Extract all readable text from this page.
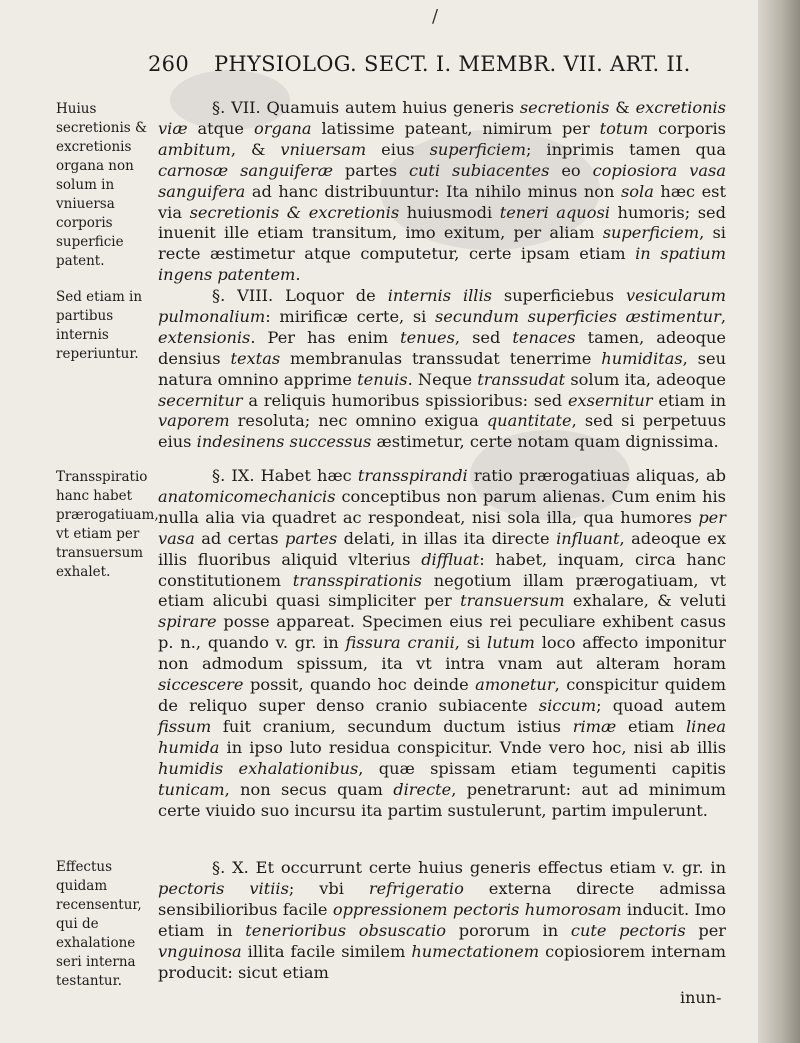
/
260 PHYSIOLOG. SECT. I. MEMBR. VII. ART. II.
Huius secretionis & excretionis organa non solum in vniuersa corporis superficie patent.
Sed etiam in partibus internis reperiuntur.
Transspiratio hanc habet prærogatiuam, vt etiam per transuersum exhalet.
Effectus quidam recensentur, qui de exhalatione seri interna testantur.

§. VII. Quamuis autem huius generis secretionis & excretionis viæ atque organa latissime pateant, nimirum per totum corporis ambitum, & vniuersam eius superficiem; inprimis tamen qua carnosæ sanguiferæ partes cuti subiacentes eo copiosiora vasa sanguifera ad hanc distribuuntur: Ita nihilo minus non sola hæc est via secretionis & excretionis huiusmodi teneri aquosi humoris; sed inuenit ille etiam transitum, imo exitum, per aliam superficiem, si recte æstimetur atque computetur, certe ipsam etiam in spatium ingens patentem.

§. VIII. Loquor de internis illis superficiebus vesicularum pulmonalium: mirificæ certe, si secundum superficies æstimentur, extensionis. Per has enim tenues, sed tenaces tamen, adeoque densius textas membranulas transsudat tenerrime humiditas, seu natura omnino apprime tenuis. Neque transsudat solum ita, adeoque secernitur a reliquis humoribus spissioribus: sed exsernitur etiam in vaporem resoluta; nec omnino exigua quantitate, sed si perpetuus eius indesinens successus æstimetur, certe notam quam dignissima.

§. IX. Habet hæc transspirandi ratio prærogatiuas aliquas, ab anatomicomechanicis conceptibus non parum alienas. Cum enim his nulla alia via quadret ac respondeat, nisi sola illa, qua humores per vasa ad certas partes delati, in illas ita directe influant, adeoque ex illis fluoribus aliquid vlterius diffluat: habet, inquam, circa hanc constitutionem transspirationis negotium illam prærogatiuam, vt etiam alicubi quasi simpliciter per transuersum exhalare, & veluti spirare posse appareat. Specimen eius rei peculiare exhibent casus p. n., quando v. gr. in fissura cranii, si lutum loco affecto imponitur non admodum spissum, ita vt intra vnam aut alteram horam siccescere possit, quando hoc deinde amonetur, conspicitur quidem de reliquo super denso cranio subiacente siccum; quoad autem fissum fuit cranium, secundum ductum istius rimæ etiam linea humida in ipso luto residua conspicitur. Vnde vero hoc, nisi ab illis humidis exhalationibus, quæ spissam etiam tegumenti capitis tunicam, non secus quam directe, penetrarunt: aut ad minimum certe viuido suo incursu ita partim sustulerunt, partim impulerunt.

§. X. Et occurrunt certe huius generis effectus etiam v. gr. in pectoris vitiis; vbi refrigeratio externa directe admissa sensibilioribus facile oppressionem pectoris humorosam inducit. Imo etiam in tenerioribus obsuscatio pororum in cute pectoris per vnguinosa illita facile similem humectationem copiosiorem internam producit: sicut etiam

inun-
